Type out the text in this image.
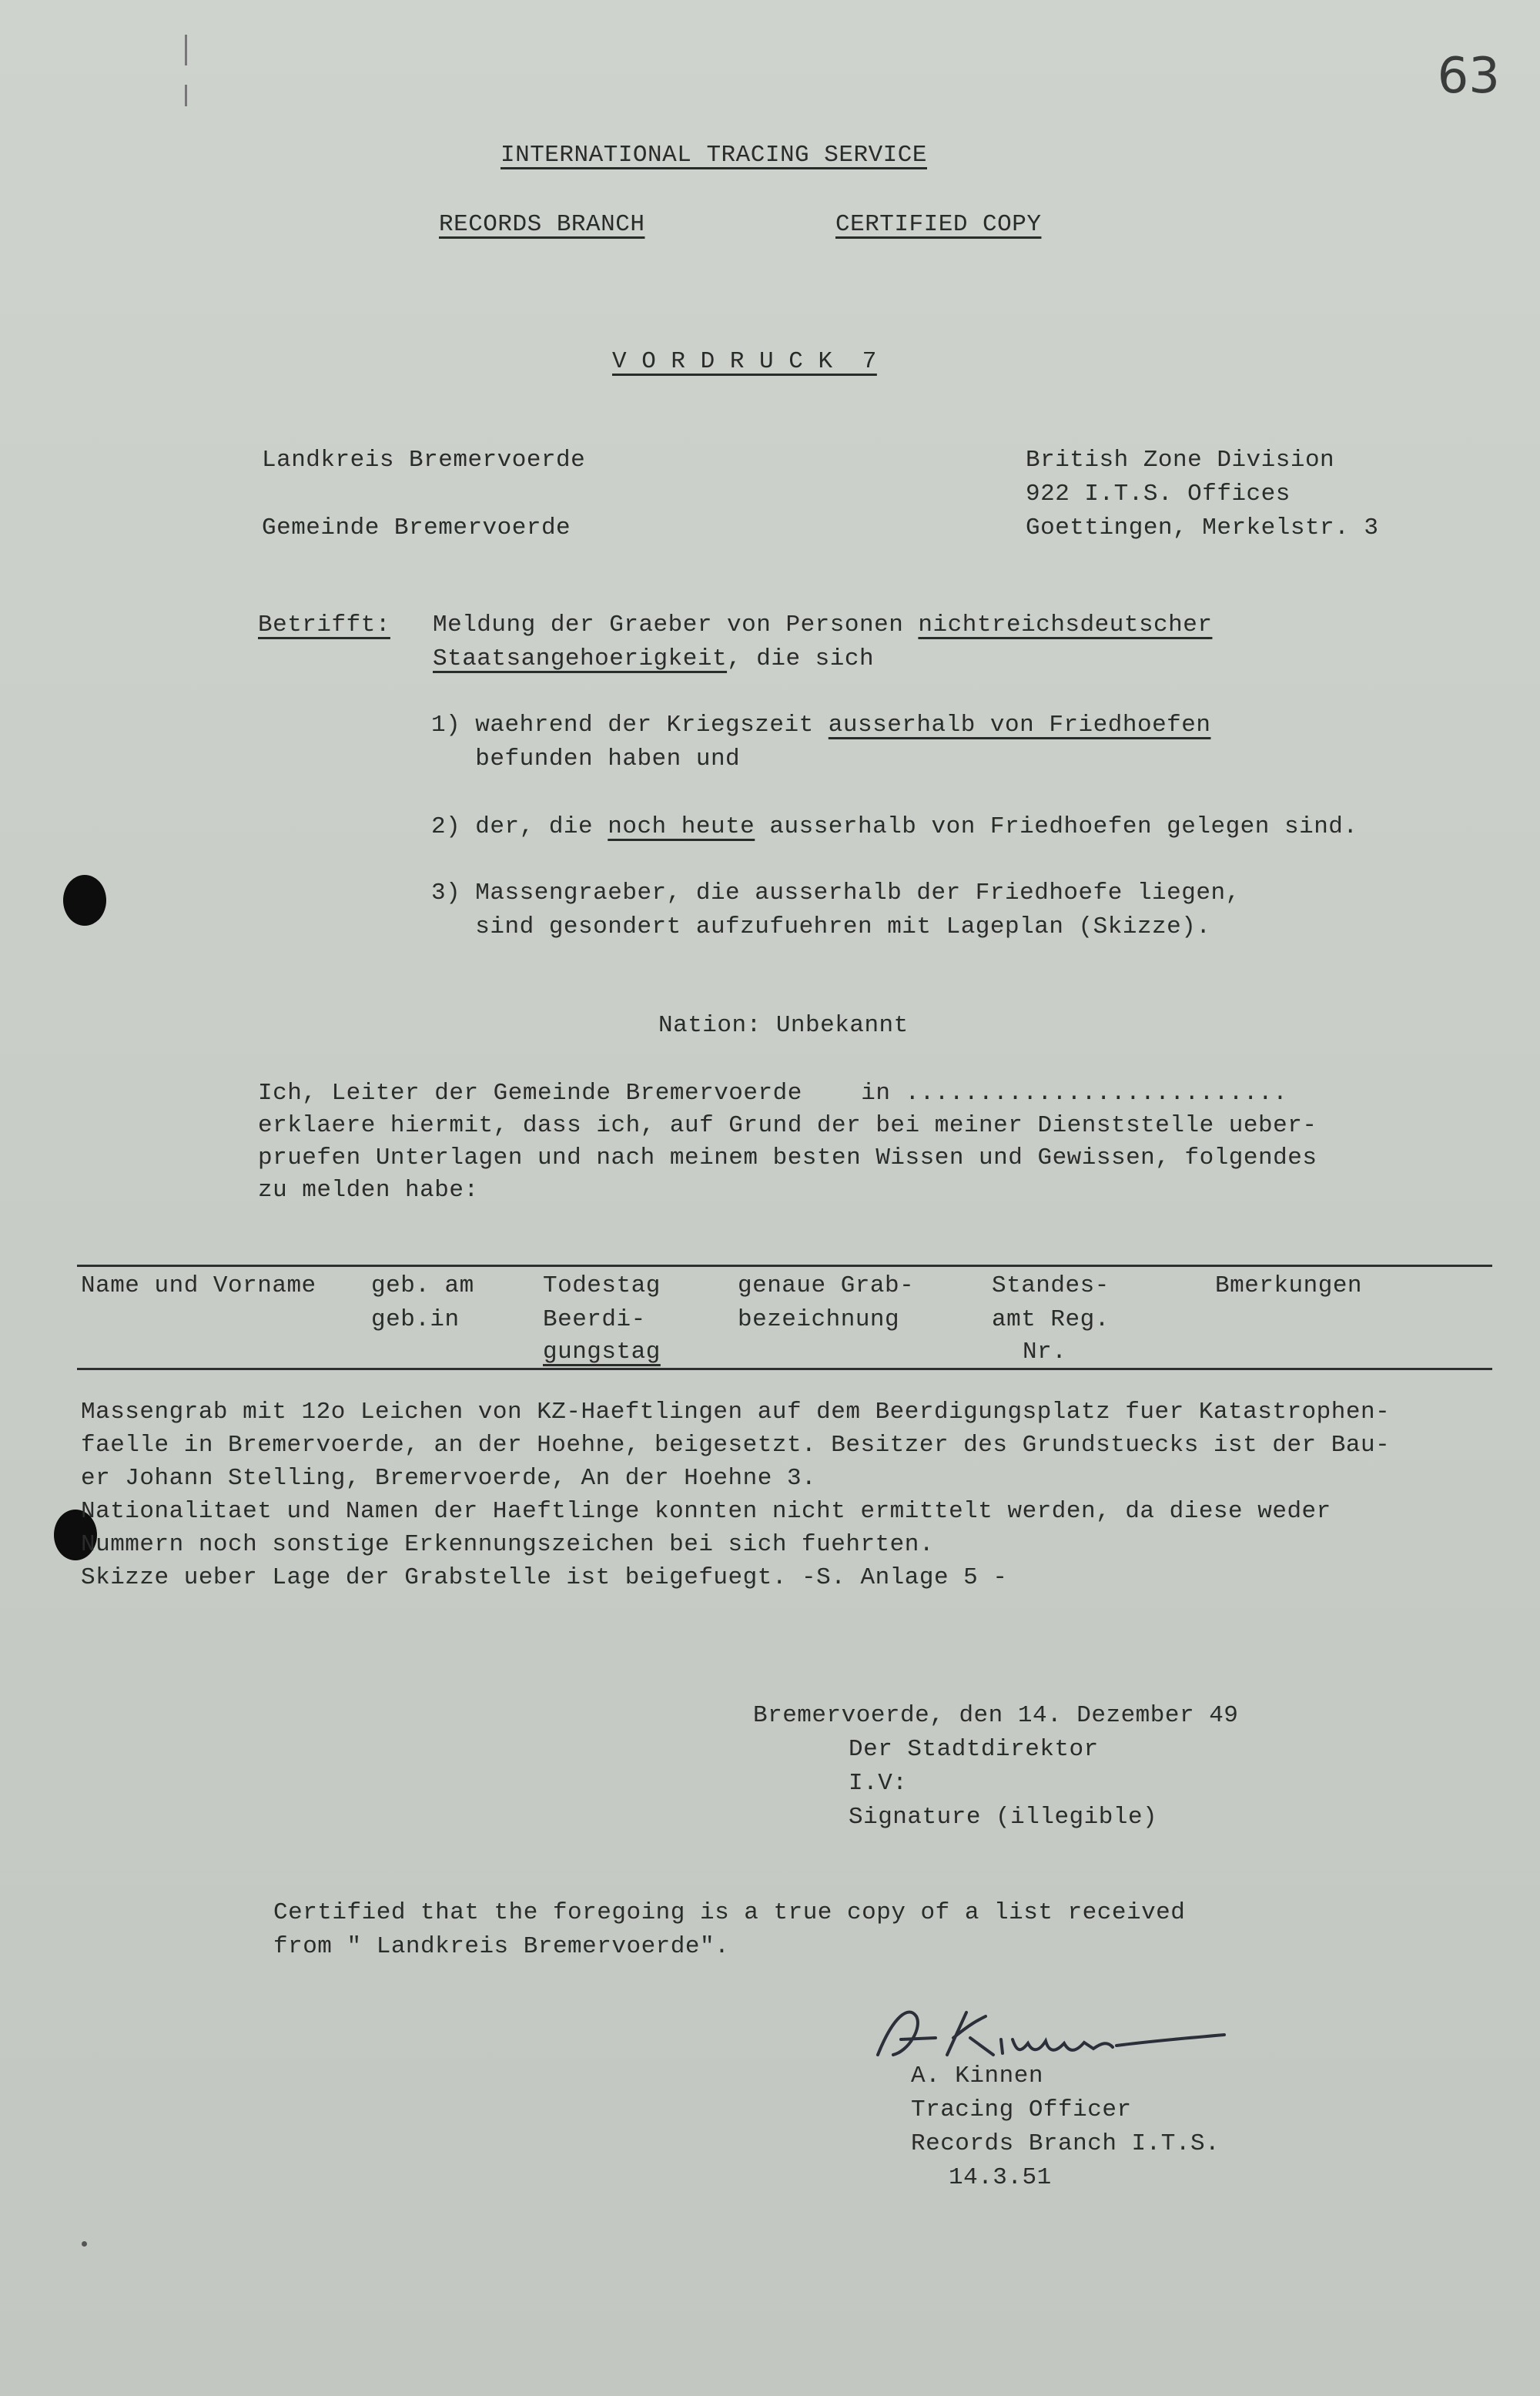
63
INTERNATIONAL TRACING SERVICE
RECORDS BRANCH	CERTIFIED COPY
V O R D R U C K  7
Landkreis Bremervoerde
Gemeinde Bremervoerde
British Zone Division
922 I.T.S. Offices
Goettingen, Merkelstr. 3
Betrifft: Meldung der Graeber von Personen nichtreichsdeutscher
Staatsangehoerigkeit, die sich
1) waehrend der Kriegszeit ausserhalb von Friedhoefen
befunden haben und
2) der, die noch heute ausserhalb von Friedhoefen gelegen sind.
3) Massengraeber, die ausserhalb der Friedhoefe liegen,
sind gesondert aufzufuehren mit Lageplan (Skizze).
Nation: Unbekannt
Ich, Leiter der Gemeinde Bremervoerde    in ..........................
erklaere hiermit, dass ich, auf Grund der bei meiner Dienststelle ueber-
pruefen Unterlagen und nach meinem besten Wissen und Gewissen, folgendes
zu melden habe:
Name und Vorname geb. am
geb.in
Todestag
Beerdi-
gungstag
genaue Grab-
bezeichnung
Standes-
amt Reg.
Nr.
Bmerkungen
Massengrab mit 12o Leichen von KZ-Haeftlingen auf dem Beerdigungsplatz fuer Katastrophen-
faelle in Bremervoerde, an der Hoehne, beigesetzt. Besitzer des Grundstuecks ist der Bau-
er Johann Stelling, Bremervoerde, An der Hoehne 3.
Nationalitaet und Namen der Haeftlinge konnten nicht ermittelt werden, da diese weder
Nummern noch sonstige Erkennungszeichen bei sich fuehrten.
Skizze ueber Lage der Grabstelle ist beigefuegt. -S. Anlage 5 -
Bremervoerde, den 14. Dezember 49
Der Stadtdirektor
I.V:
Signature (illegible)
Certified that the foregoing is a true copy of a list received
from " Landkreis Bremervoerde".
A. Kinnen
Tracing Officer
Records Branch I.T.S.
14.3.51
